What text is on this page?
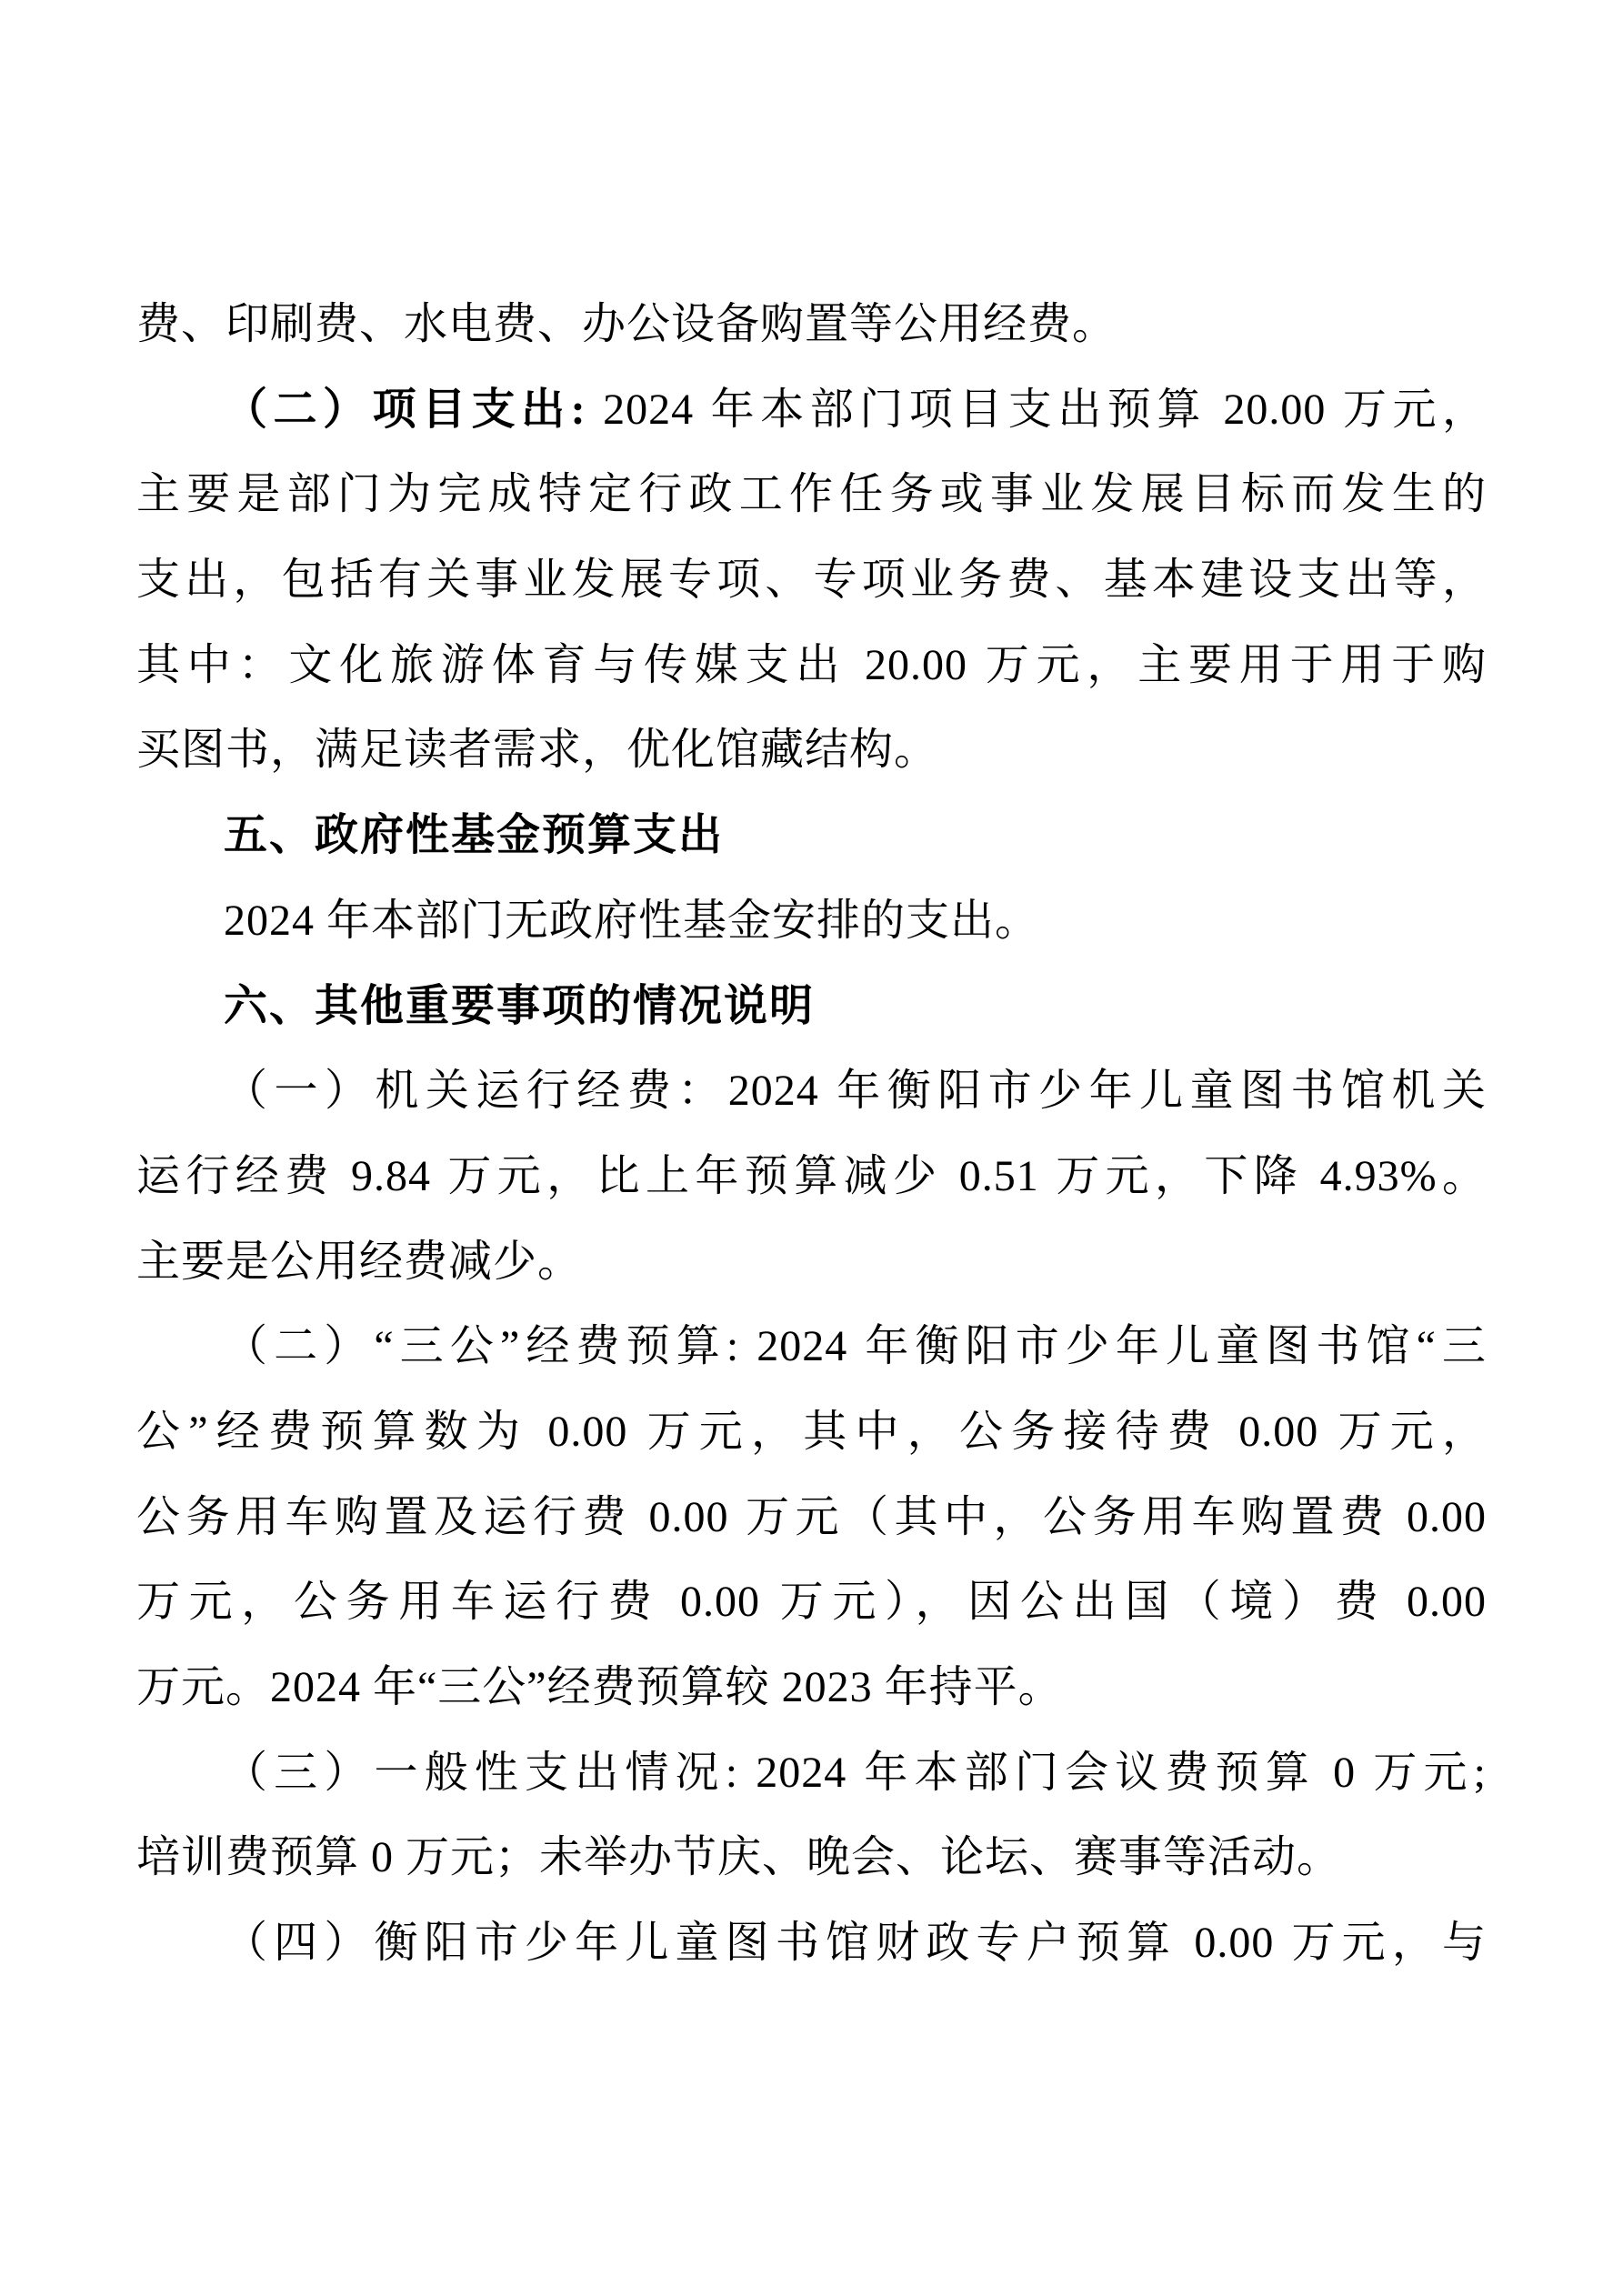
费、印刷费、水电费、办公设备购置等公用经费。
（二）项目支出: 2024 年本部门项目支出预算 20.00 万元，
主要是部门为完成特定行政工作任务或事业发展目标而发生的
支出，包括有关事业发展专项、专项业务费、基本建设支出等，
其中：文化旅游体育与传媒支出 20.00 万元，主要用于用于购
买图书，满足读者需求，优化馆藏结构。
五、政府性基金预算支出
2024 年本部门无政府性基金安排的支出。
六、其他重要事项的情况说明
（一）机关运行经费：2024 年衡阳市少年儿童图书馆机关
运行经费 9.84 万元，比上年预算减少 0.51 万元，下降 4.93%。
主要是公用经费减少。
（二）“三公”经费预算: 2024 年衡阳市少年儿童图书馆“三
公”经费预算数为 0.00 万元，其中，公务接待费 0.00 万元，
公务用车购置及运行费 0.00 万元（其中，公务用车购置费 0.00
万元，公务用车运行费 0.00 万元），因公出国（境）费 0.00
万元。2024 年“三公”经费预算较 2023 年持平。
（三）一般性支出情况: 2024 年本部门会议费预算 0 万元;
培训费预算 0 万元；未举办节庆、晚会、论坛、赛事等活动。
（四）衡阳市少年儿童图书馆财政专户预算 0.00 万元，与
